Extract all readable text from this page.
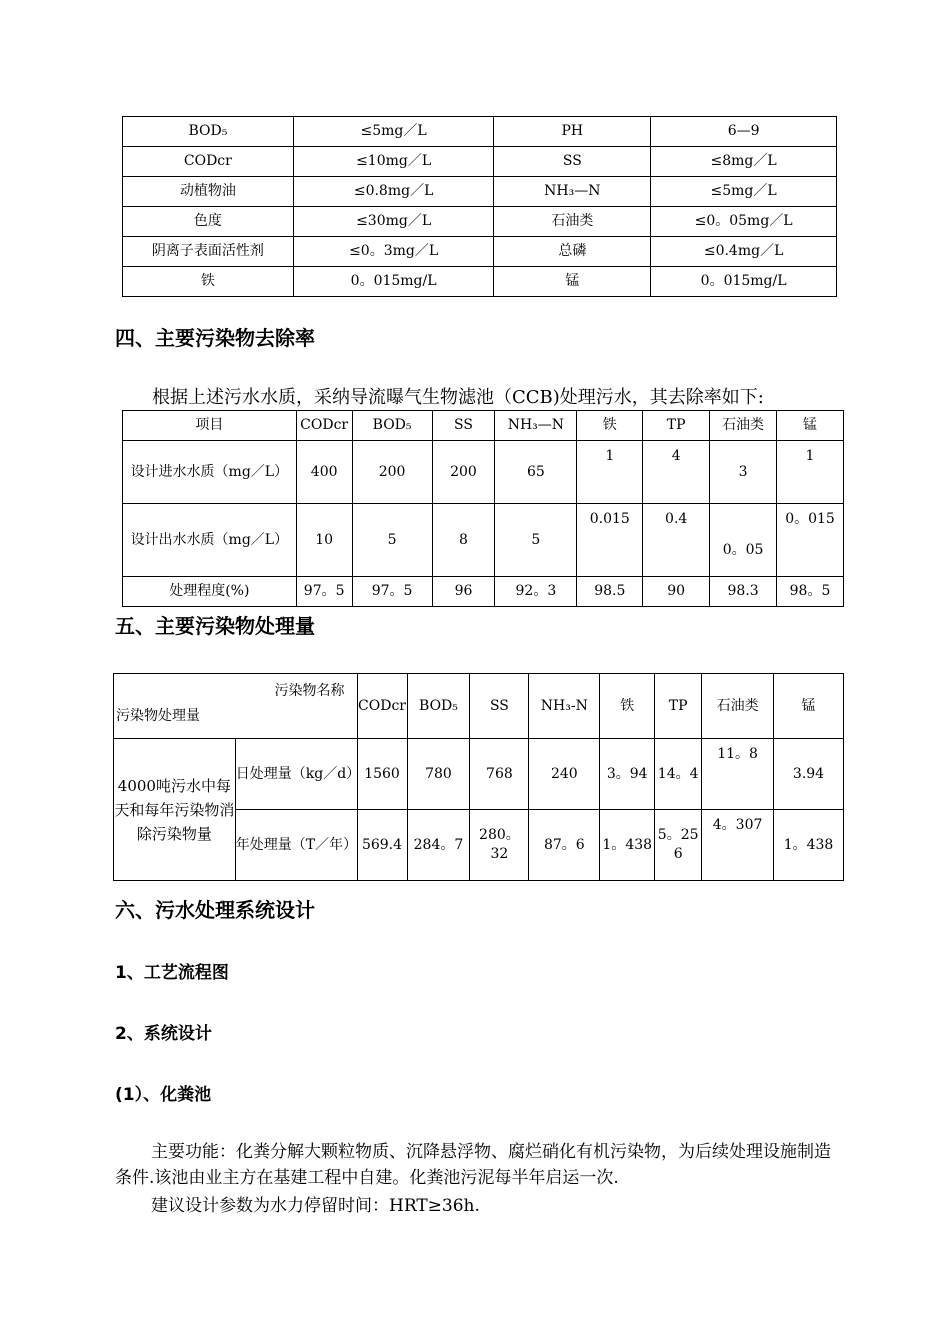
BOD₅	≤5mg／L	PH	6—9
CODcr	≤10mg／L	SS	≤8mg／L
动植物油	≤0.8mg／L	NH₃—N	≤5mg／L
色度	≤30mg／L	石油类	≤0。05mg／L
阴离子表面活性剂	≤0。3mg／L	总磷	≤0.4mg／L
铁	0。015mg/L	锰	0。015mg/L
四、主要污染物去除率

根据上述污水水质，采纳导流曝气生物滤池（CCB)处理污水，其去除率如下:

项目	CODcr	BOD₅	SS	NH₃—N	铁	TP	石油类	锰
设计进水水质（mg／L）	400	200	200	65	1	4	3	1
设计出水水质（mg／L）	10	5	8	5	0.015	0.4	0。05	0。015
处理程度(%)	97。5	97。5	96	92。3	98.5	90	98.3	98。5
五、主要污染物处理量
污染物名称
污染物处理量		CODcr	BOD₅	SS	NH₃-N	铁	TP	石油类	锰
4000吨污水中每天和每年污染物消除污染物量	日处理量（kg／d）	1560	780	768	240	3。94	14。4	11。8	3.94
	年处理量（T／年）	569.4	284。7	280。32	87。6	1。438	5。256	4。307	1。438
六、污水处理系统设计
1、工艺流程图
2、系统设计
(1）、化粪池

主要功能：化粪分解大颗粒物质、沉降悬浮物、腐烂硝化有机污染物，为后续处理设施制造条件.该池由业主方在基建工程中自建。化粪池污泥每半年启运一次.

建议设计参数为水力停留时间：HRT≥36h.
